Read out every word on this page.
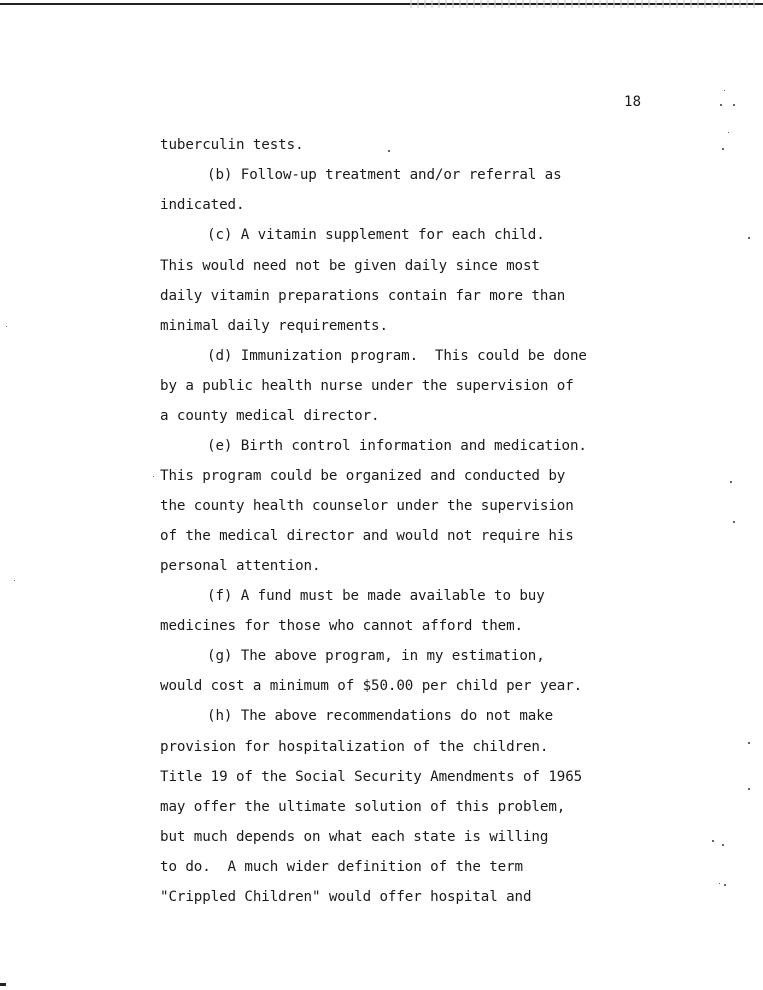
18
tuberculin tests.
(b) Follow-up treatment and/or referral as
indicated.
(c) A vitamin supplement for each child.
This would need not be given daily since most
daily vitamin preparations contain far more than
minimal daily requirements.
(d) Immunization program.  This could be done
by a public health nurse under the supervision of
a county medical director.
(e) Birth control information and medication.
This program could be organized and conducted by
the county health counselor under the supervision
of the medical director and would not require his
personal attention.
(f) A fund must be made available to buy
medicines for those who cannot afford them.
(g) The above program, in my estimation,
would cost a minimum of $50.00 per child per year.
(h) The above recommendations do not make
provision for hospitalization of the children.
Title 19 of the Social Security Amendments of 1965
may offer the ultimate solution of this problem,
but much depends on what each state is willing
to do.  A much wider definition of the term
"Crippled Children" would offer hospital and
